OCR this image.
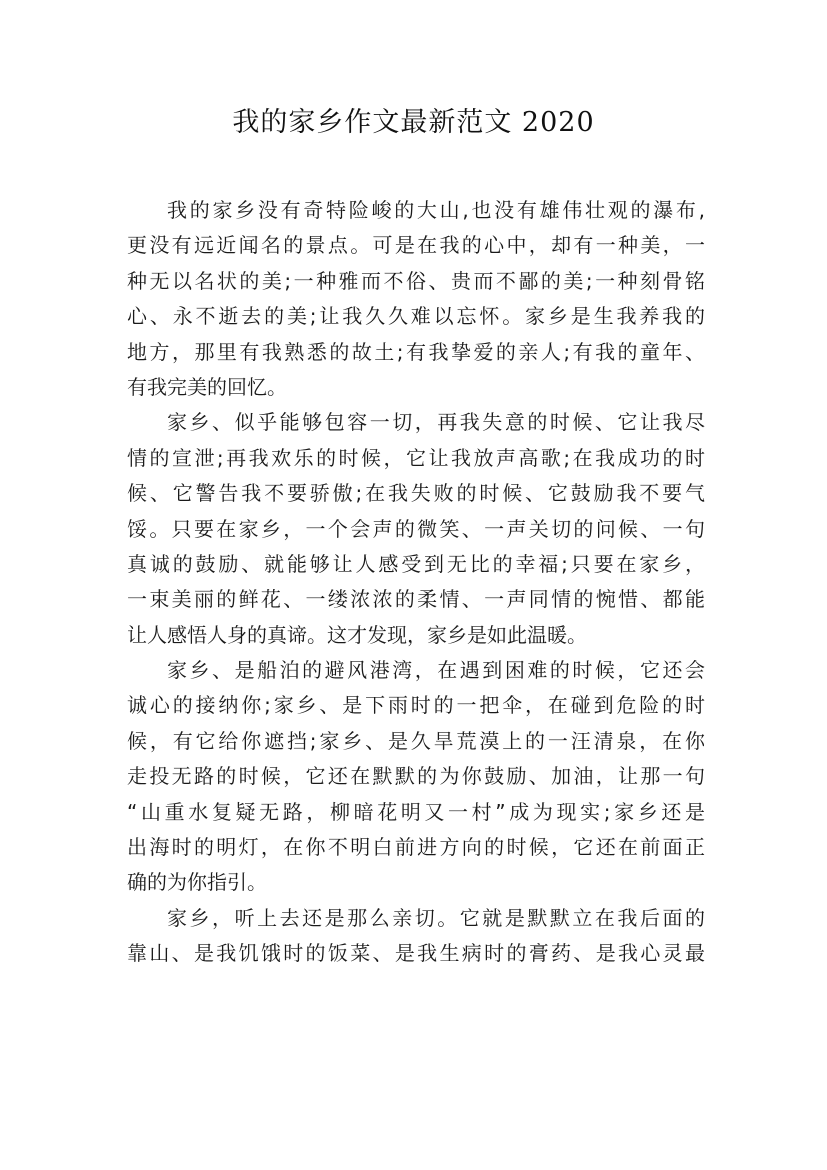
我的家乡作文最新范文 2020
我的家乡没有奇特险峻的大山,也没有雄伟壮观的瀑布,
更没有远近闻名的景点。可是在我的心中，却有一种美，一
种无以名状的美;一种雅而不俗、贵而不鄙的美;一种刻骨铭
心、永不逝去的美;让我久久难以忘怀。家乡是生我养我的
地方，那里有我熟悉的故土;有我挚爱的亲人;有我的童年、
有我完美的回忆。
家乡、似乎能够包容一切，再我失意的时候、它让我尽
情的宣泄;再我欢乐的时候，它让我放声高歌;在我成功的时
候、它警告我不要骄傲;在我失败的时候、它鼓励我不要气
馁。只要在家乡，一个会声的微笑、一声关切的问候、一句
真诚的鼓励、就能够让人感受到无比的幸福;只要在家乡，
一束美丽的鲜花、一缕浓浓的柔情、一声同情的惋惜、都能
让人感悟人身的真谛。这才发现，家乡是如此温暖。
家乡、是船泊的避风港湾，在遇到困难的时候，它还会
诚心的接纳你;家乡、是下雨时的一把伞，在碰到危险的时
候，有它给你遮挡;家乡、是久旱荒漠上的一汪清泉，在你
走投无路的时候，它还在默默的为你鼓励、加油，让那一句
“山重水复疑无路，柳暗花明又一村”成为现实;家乡还是
出海时的明灯，在你不明白前进方向的时候，它还在前面正
确的为你指引。
家乡，听上去还是那么亲切。它就是默默立在我后面的
靠山、是我饥饿时的饭菜、是我生病时的膏药、是我心灵最
